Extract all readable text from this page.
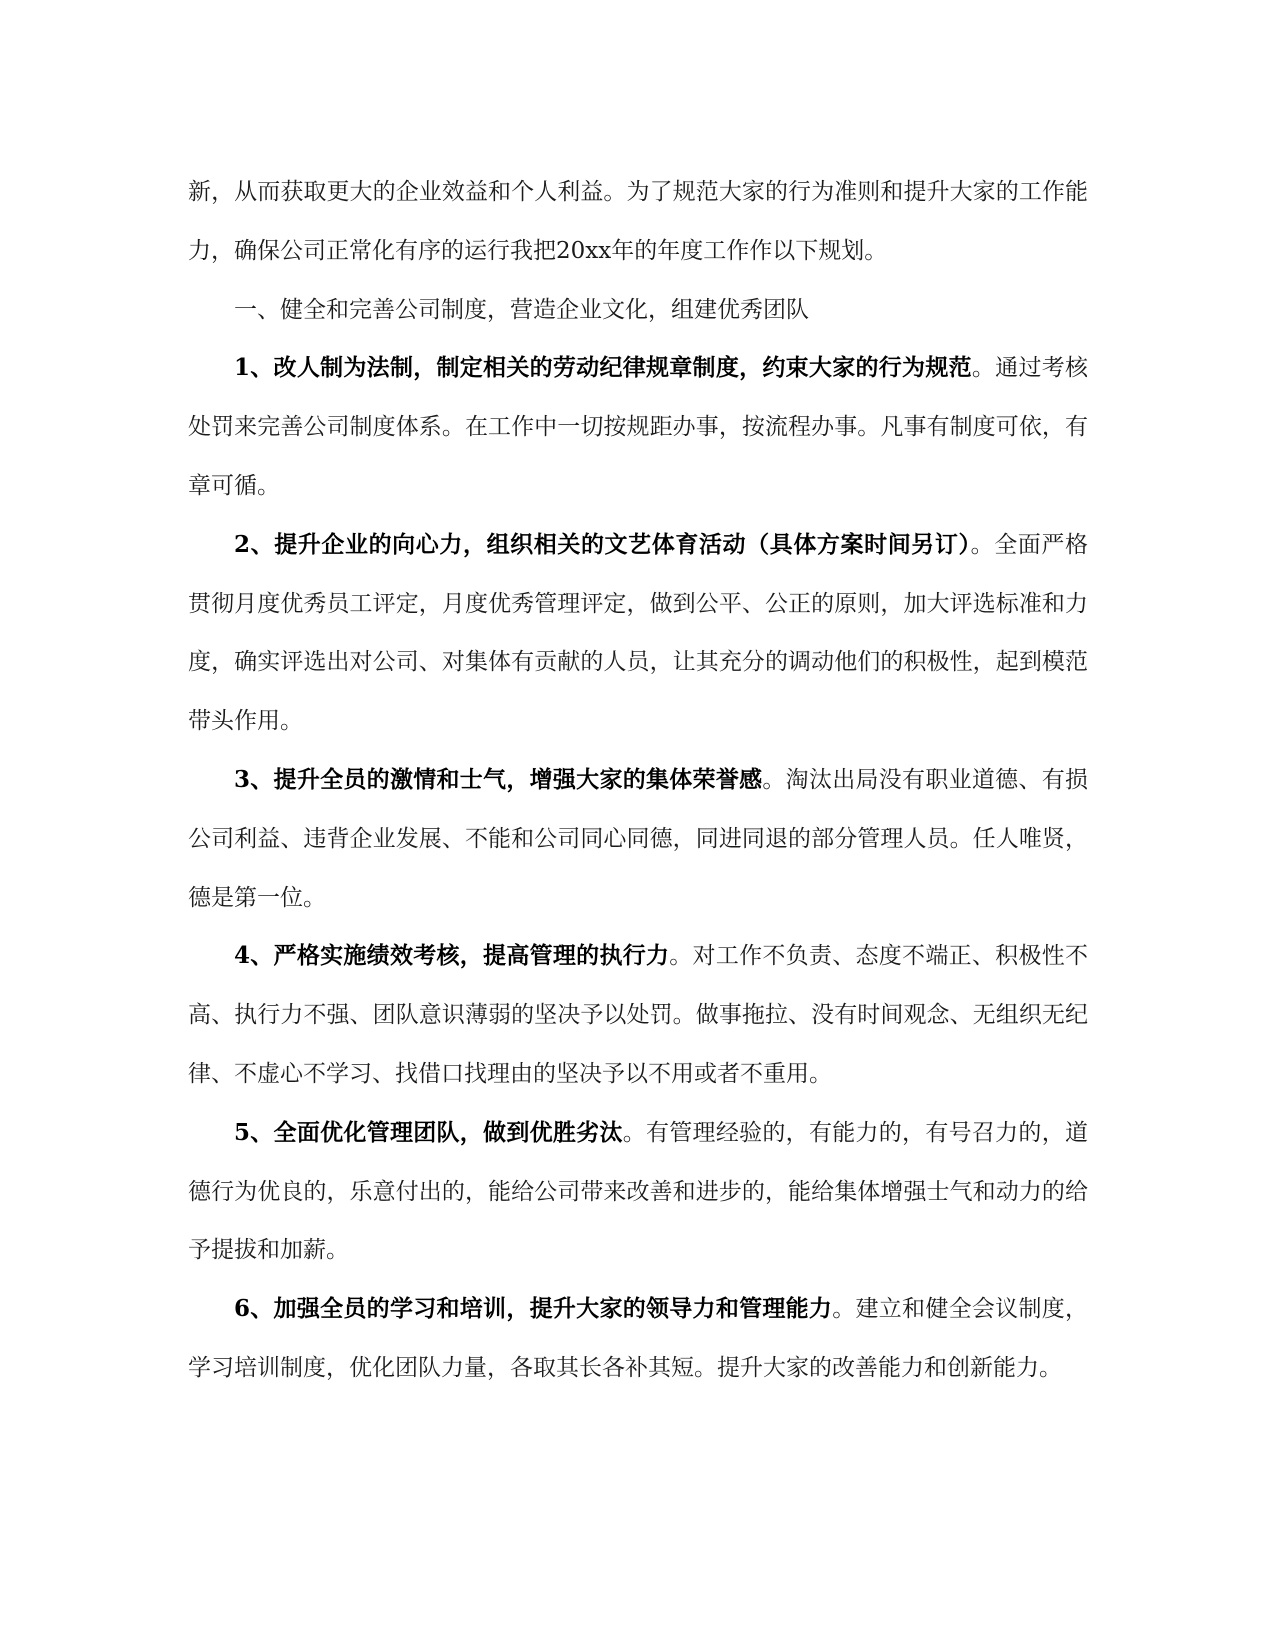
新，从而获取更大的企业效益和个人利益。为了规范大家的行为准则和提升大家的工作能力，确保公司正常化有序的运行我把20xx年的年度工作作以下规划。

一、健全和完善公司制度，营造企业文化，组建优秀团队

1、改人制为法制，制定相关的劳动纪律规章制度，约束大家的行为规范。通过考核处罚来完善公司制度体系。在工作中一切按规距办事，按流程办事。凡事有制度可依，有章可循。

2、提升企业的向心力，组织相关的文艺体育活动（具体方案时间另订）。全面严格贯彻月度优秀员工评定，月度优秀管理评定，做到公平、公正的原则，加大评选标准和力度，确实评选出对公司、对集体有贡献的人员，让其充分的调动他们的积极性，起到模范带头作用。

3、提升全员的激情和士气，增强大家的集体荣誉感。淘汰出局没有职业道德、有损公司利益、违背企业发展、不能和公司同心同德，同进同退的部分管理人员。任人唯贤，德是第一位。

4、严格实施绩效考核，提高管理的执行力。对工作不负责、态度不端正、积极性不高、执行力不强、团队意识薄弱的坚决予以处罚。做事拖拉、没有时间观念、无组织无纪律、不虚心不学习、找借口找理由的坚决予以不用或者不重用。

5、全面优化管理团队，做到优胜劣汰。有管理经验的，有能力的，有号召力的，道德行为优良的，乐意付出的，能给公司带来改善和进步的，能给集体增强士气和动力的给予提拔和加薪。

6、加强全员的学习和培训，提升大家的领导力和管理能力。建立和健全会议制度，学习培训制度，优化团队力量，各取其长各补其短。提升大家的改善能力和创新能力。
